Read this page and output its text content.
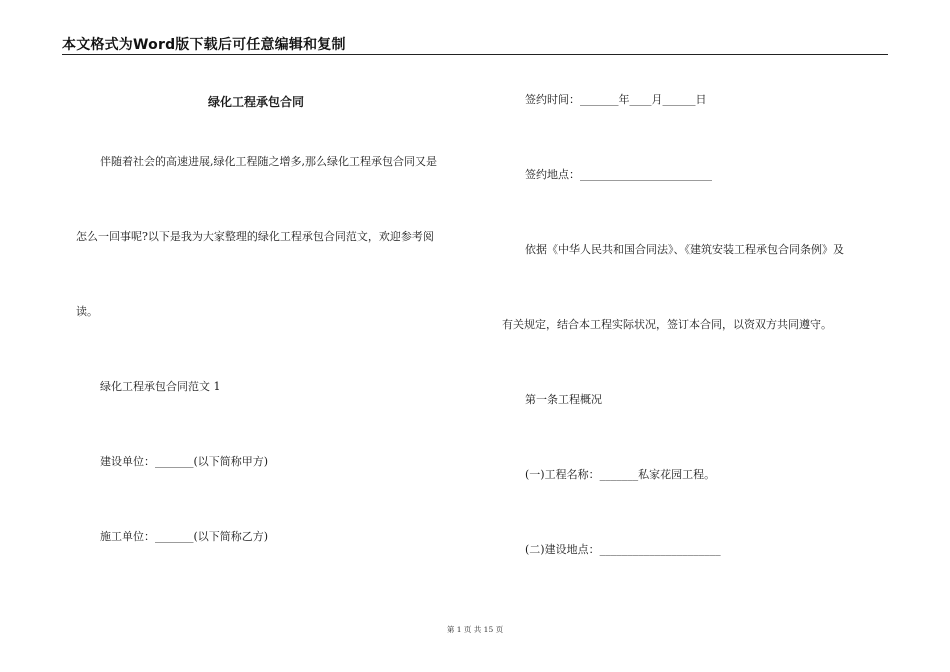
本文格式为Word版下载后可任意编辑和复制
绿化工程承包合同
伴随着社会的高速进展,绿化工程随之增多,那么绿化工程承包合同又是
怎么一回事呢?以下是我为大家整理的绿化工程承包合同范文，欢迎参考阅
读。
绿化工程承包合同范文 1
建设单位：_______(以下简称甲方)
施工单位：_______(以下简称乙方)
签约时间：_______年____月______日
签约地点：________________________
依据《中华人民共和国合同法》、《建筑安装工程承包合同条例》及
有关规定，结合本工程实际状况，签订本合同，以资双方共同遵守。
第一条工程概况
(一)工程名称：_______私家花园工程。
(二)建设地点：______________________
第 1 页 共 15 页
